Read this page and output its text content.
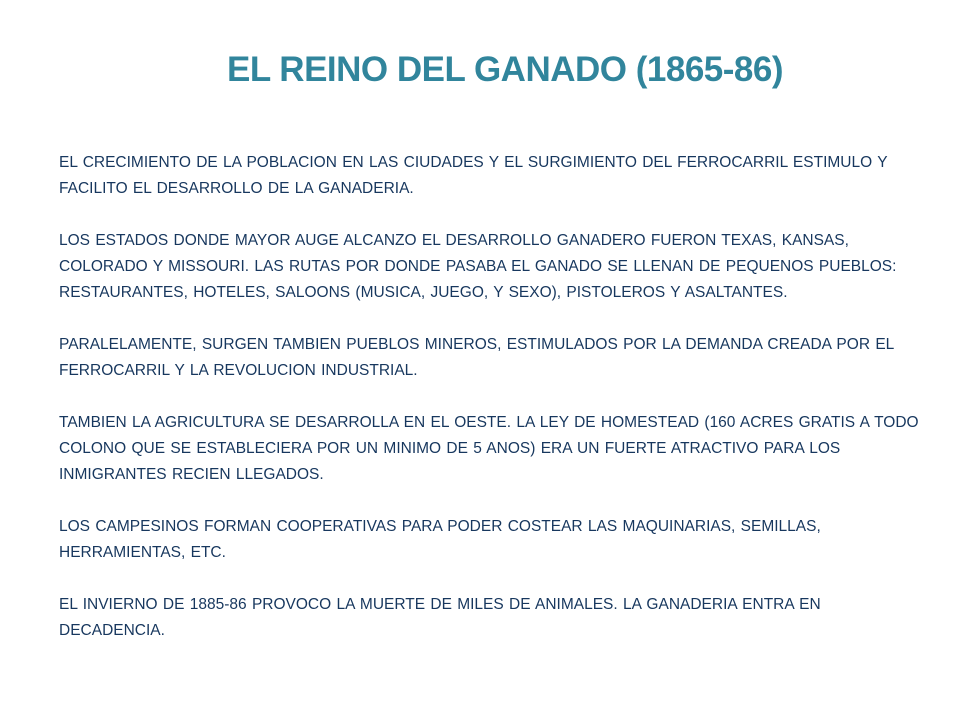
EL REINO DEL GANADO (1865-86)

EL CRECIMIENTO DE LA POBLACION EN LAS CIUDADES Y EL SURGIMIENTO DEL FERROCARRIL ESTIMULO Y FACILITO EL DESARROLLO DE LA GANADERIA.

LOS ESTADOS DONDE MAYOR AUGE ALCANZO EL DESARROLLO GANADERO FUERON TEXAS, KANSAS, COLORADO Y MISSOURI. LAS RUTAS POR DONDE PASABA EL GANADO SE LLENAN DE PEQUENOS PUEBLOS: RESTAURANTES, HOTELES, SALOONS (MUSICA, JUEGO, Y SEXO), PISTOLEROS Y ASALTANTES.

PARALELAMENTE, SURGEN TAMBIEN PUEBLOS MINEROS, ESTIMULADOS POR LA DEMANDA CREADA POR EL FERROCARRIL Y LA REVOLUCION INDUSTRIAL.

TAMBIEN LA AGRICULTURA SE DESARROLLA EN EL OESTE. LA LEY DE HOMESTEAD (160 ACRES GRATIS A TODO COLONO QUE SE ESTABLECIERA POR UN MINIMO DE 5 ANOS) ERA UN FUERTE ATRACTIVO PARA LOS INMIGRANTES RECIEN LLEGADOS.

LOS CAMPESINOS FORMAN COOPERATIVAS PARA PODER COSTEAR LAS MAQUINARIAS, SEMILLAS, HERRAMIENTAS, ETC.

EL INVIERNO DE 1885-86 PROVOCO LA MUERTE DE MILES DE ANIMALES. LA GANADERIA ENTRA EN DECADENCIA.
